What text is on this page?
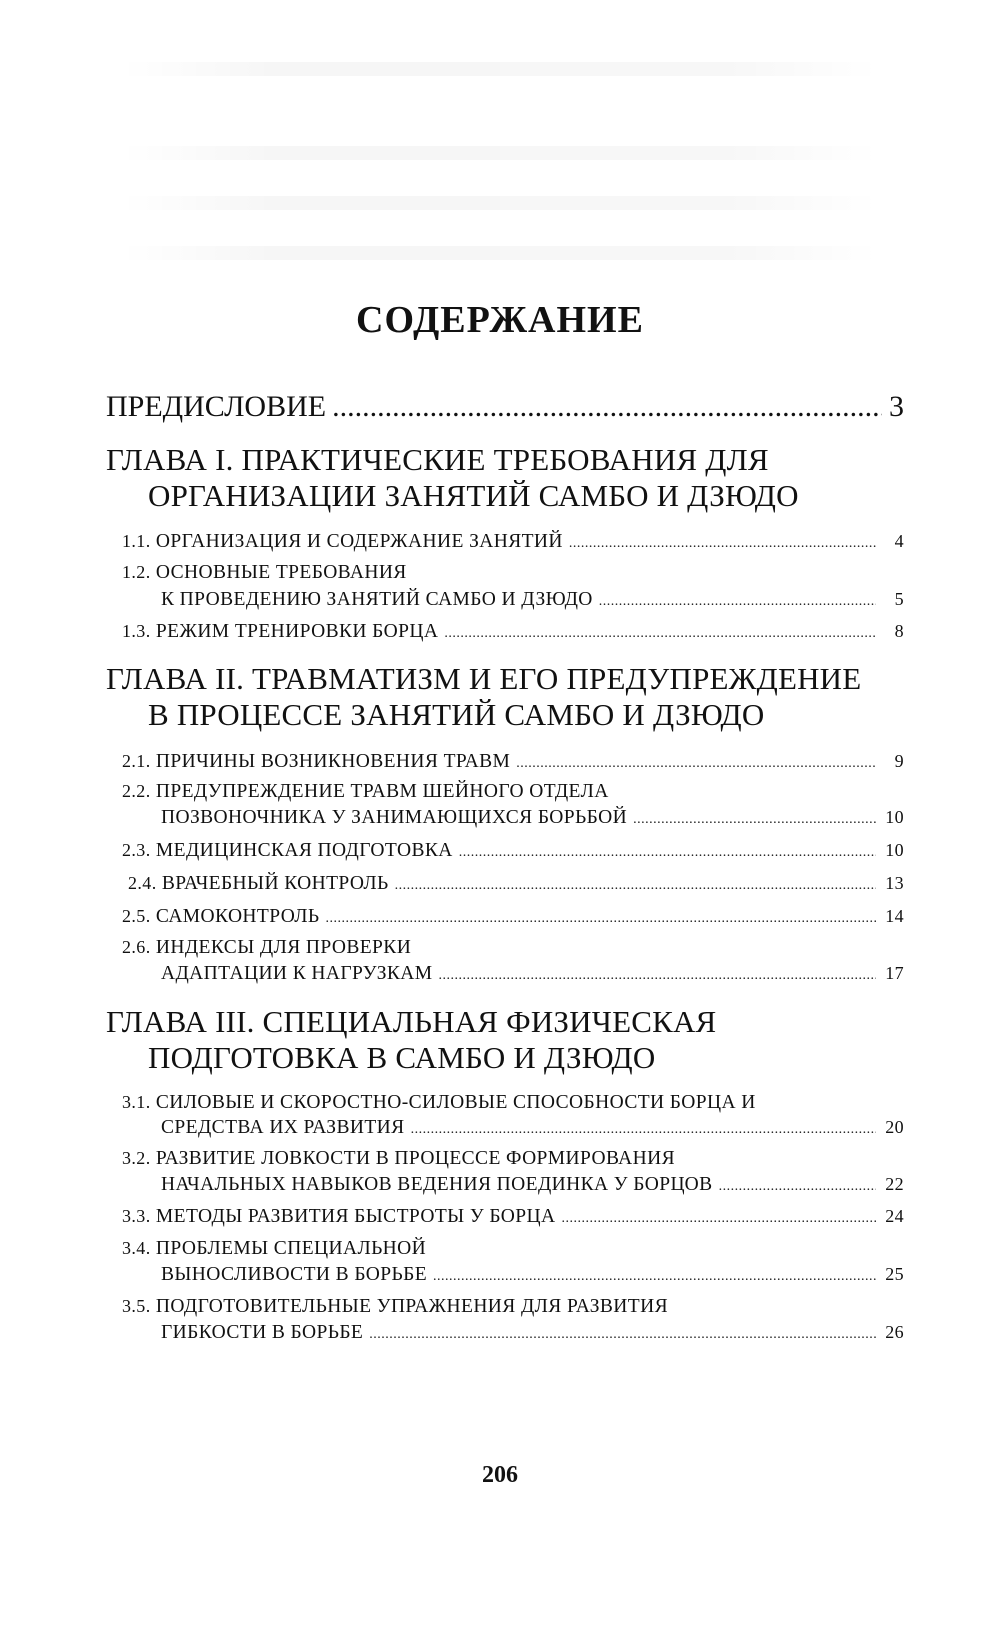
СОДЕРЖАНИЕ
ПРЕДИСЛОВИЕ .....	3
ГЛАВА I. ПРАКТИЧЕСКИЕ ТРЕБОВАНИЯ ДЛЯ
ОРГАНИЗАЦИИ ЗАНЯТИЙ САМБО И ДЗЮДО
1.1. ОРГАНИЗАЦИЯ И СОДЕРЖАНИЕ ЗАНЯТИЙ .....	4
1.2. ОСНОВНЫЕ ТРЕБОВАНИЯ
К ПРОВЕДЕНИЮ ЗАНЯТИЙ САМБО И ДЗЮДО .....	5
1.3. РЕЖИМ ТРЕНИРОВКИ БОРЦА .....	8
ГЛАВА II. ТРАВМАТИЗМ И ЕГО ПРЕДУПРЕЖДЕНИЕ
В ПРОЦЕССЕ ЗАНЯТИЙ САМБО И ДЗЮДО
2.1. ПРИЧИНЫ ВОЗНИКНОВЕНИЯ ТРАВМ .....	9
2.2. ПРЕДУПРЕЖДЕНИЕ ТРАВМ ШЕЙНОГО ОТДЕЛА
ПОЗВОНОЧНИКА У ЗАНИМАЮЩИХСЯ БОРЬБОЙ .....	10
2.3. МЕДИЦИНСКАЯ ПОДГОТОВКА .....	10
2.4. ВРАЧЕБНЫЙ КОНТРОЛЬ .....	13
2.5. САМОКОНТРОЛЬ .....	14
2.6. ИНДЕКСЫ ДЛЯ ПРОВЕРКИ
АДАПТАЦИИ К НАГРУЗКАМ .....	17
ГЛАВА III. СПЕЦИАЛЬНАЯ ФИЗИЧЕСКАЯ
ПОДГОТОВКА В САМБО И ДЗЮДО
3.1. СИЛОВЫЕ И СКОРОСТНО-СИЛОВЫЕ СПОСОБНОСТИ БОРЦА И
СРЕДСТВА ИХ РАЗВИТИЯ .....	20
3.2. РАЗВИТИЕ ЛОВКОСТИ В ПРОЦЕССЕ ФОРМИРОВАНИЯ
НАЧАЛЬНЫХ НАВЫКОВ ВЕДЕНИЯ ПОЕДИНКА У БОРЦОВ .....	22
3.3. МЕТОДЫ РАЗВИТИЯ БЫСТРОТЫ У БОРЦА .....	24
3.4. ПРОБЛЕМЫ СПЕЦИАЛЬНОЙ
ВЫНОСЛИВОСТИ В БОРЬБЕ .....	25
3.5. ПОДГОТОВИТЕЛЬНЫЕ УПРАЖНЕНИЯ ДЛЯ РАЗВИТИЯ
ГИБКОСТИ В БОРЬБЕ .....	26
206
